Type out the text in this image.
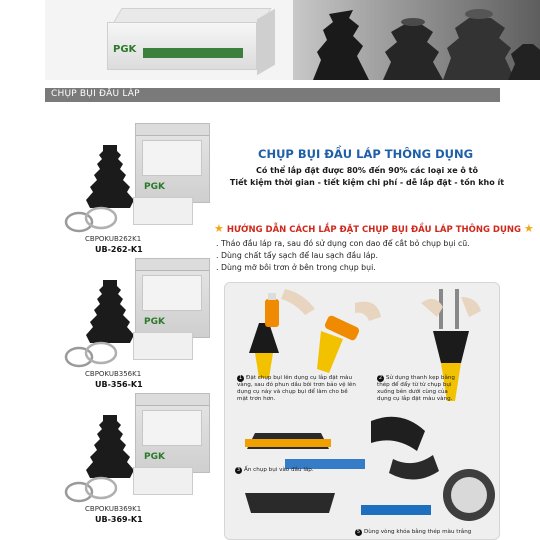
PGK
CHỤP BỤI ĐẦU LÁP
PGK
CBPOKUB262K1
UB-262-K1
PGK
CBPOKUB356K1
UB-356-K1
PGK
CBPOKUB369K1
UB-369-K1
CHỤP BỤI ĐẦU LÁP THÔNG DỤNG
Có thể lắp đặt được 80% đến 90% các loại xe ô tô
Tiết kiệm thời gian - tiết kiệm chi phí - dễ lắp đặt - tồn kho ít
★ HƯỚNG DẪN CÁCH LẮP ĐẶT CHỤP BỤI ĐẦU LÁP THÔNG DỤNG ★
. Tháo đầu láp ra, sau đó sử dụng con dao để cắt bỏ chụp bụi cũ.
. Dùng chất tẩy sạch để lau sạch đầu láp.
. Dùng mỡ bôi trơn ở bên trong chụp bụi.
1 Đặt chụp bụi lên dụng cụ lắp đặt màu vàng, sau đó phun dầu bôi trơn bảo vệ lên dụng cụ này và chụp bụi để làm cho bề mặt trơn hơn.
2 Sử dụng thanh kẹp bằng thép để đẩy từ từ chụp bụi xuống bên dưới cùng của dụng cụ lắp đặt màu vàng.
3 Ấn chụp bụi vào đầu láp.
5 Dùng vòng khóa bằng thép màu trắng
